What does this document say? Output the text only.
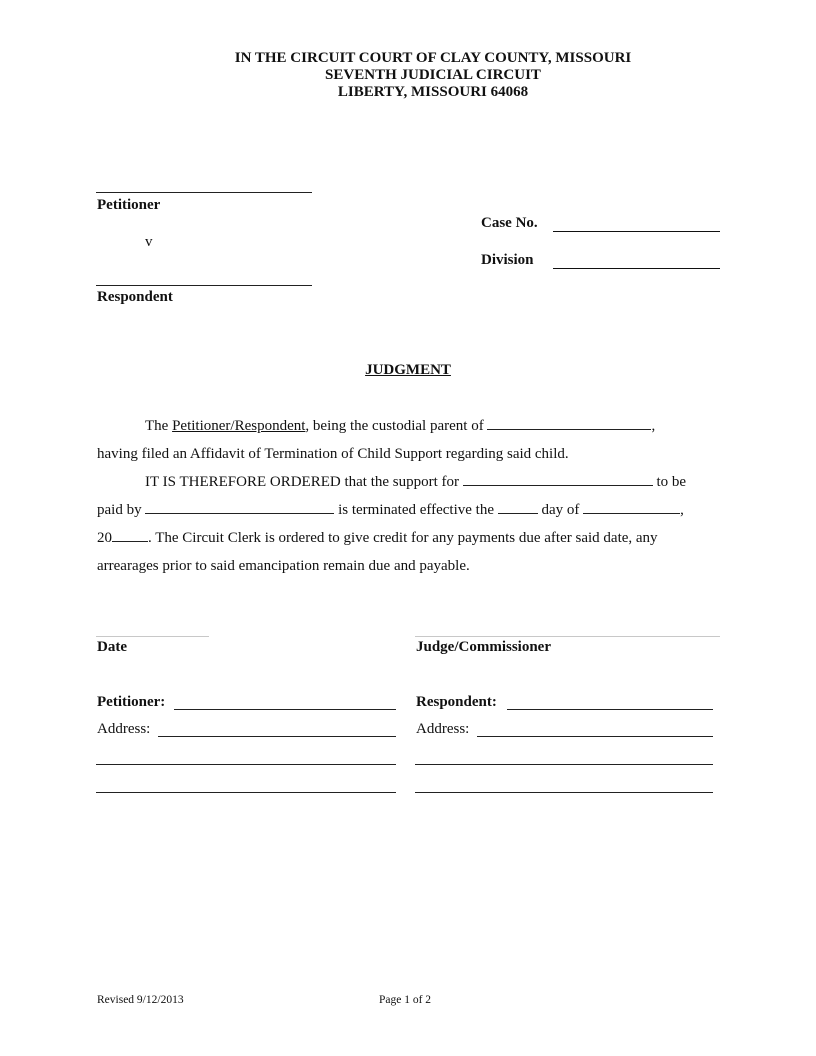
IN THE CIRCUIT COURT OF CLAY COUNTY, MISSOURI
SEVENTH JUDICIAL CIRCUIT
LIBERTY, MISSOURI 64068
Petitioner
v
Respondent
Case No.
Division
JUDGMENT
The Petitioner/Respondent, being the custodial parent of	,
having filed an Affidavit of Termination of Child Support regarding said child.
IT IS THEREFORE ORDERED that the support for	to be
paid by	is terminated effective the	day of	,
20 . The Circuit Clerk is ordered to give credit for any payments due after said date, any
arrearages prior to said emancipation remain due and payable.
Date	Judge/Commissioner
Petitioner:
Address:
Respondent:
Address:
Revised 9/12/2013	Page 1 of 2
